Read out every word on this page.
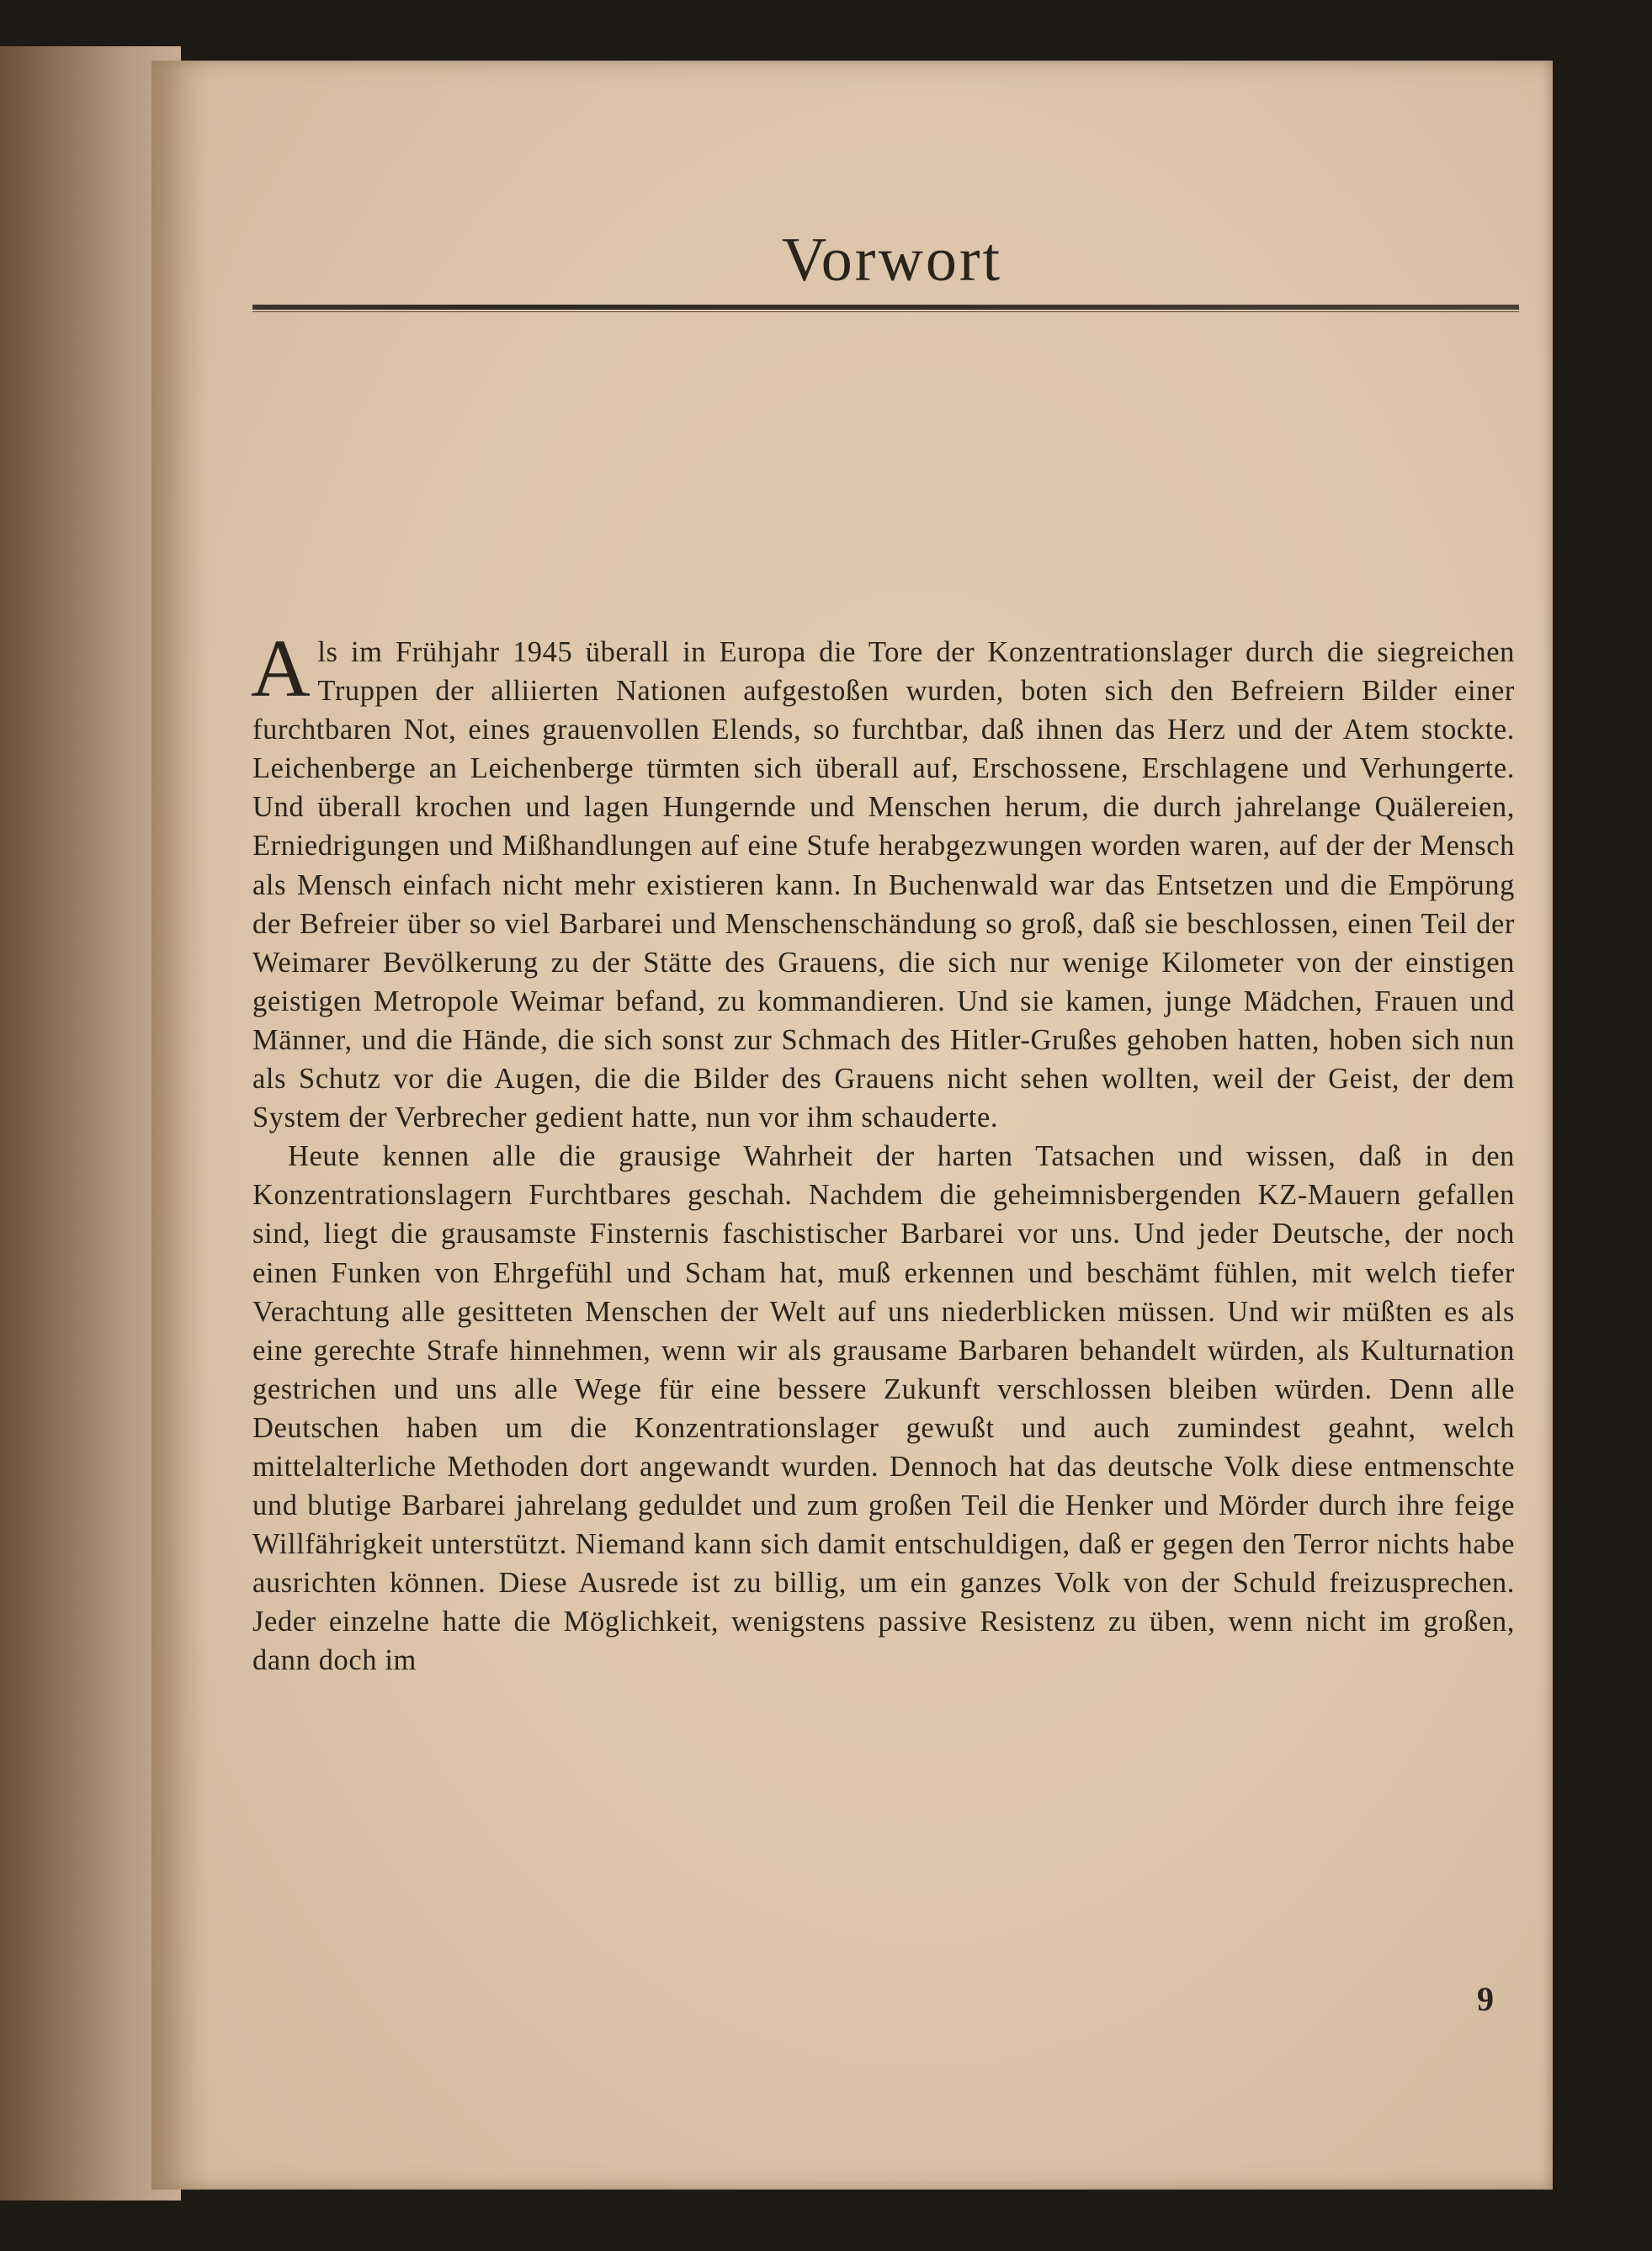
Vorwort

Als im Frühjahr 1945 überall in Europa die Tore der Konzentrationslager durch die siegreichen Truppen der alliierten Nationen aufgestoßen wurden, boten sich den Befreiern Bilder einer furchtbaren Not, eines grauenvollen Elends, so furchtbar, daß ihnen das Herz und der Atem stockte. Leichenberge an Leichenberge türmten sich überall auf, Erschossene, Erschlagene und Verhungerte. Und überall krochen und lagen Hungernde und Menschen herum, die durch jahrelange Quälereien, Erniedrigungen und Mißhandlungen auf eine Stufe herabgezwungen worden waren, auf der der Mensch als Mensch einfach nicht mehr existieren kann. In Buchenwald war das Entsetzen und die Empörung der Befreier über so viel Barbarei und Menschenschändung so groß, daß sie beschlossen, einen Teil der Weimarer Bevölkerung zu der Stätte des Grauens, die sich nur wenige Kilometer von der einstigen geistigen Metropole Weimar befand, zu kommandieren. Und sie kamen, junge Mädchen, Frauen und Männer, und die Hände, die sich sonst zur Schmach des Hitler-Grußes gehoben hatten, hoben sich nun als Schutz vor die Augen, die die Bilder des Grauens nicht sehen wollten, weil der Geist, der dem System der Verbrecher gedient hatte, nun vor ihm schauderte.

Heute kennen alle die grausige Wahrheit der harten Tatsachen und wissen, daß in den Konzentrationslagern Furchtbares geschah. Nachdem die geheimnisbergenden KZ-Mauern gefallen sind, liegt die grausamste Finsternis faschistischer Barbarei vor uns. Und jeder Deutsche, der noch einen Funken von Ehrgefühl und Scham hat, muß erkennen und beschämt fühlen, mit welch tiefer Verachtung alle gesitteten Menschen der Welt auf uns niederblicken müssen. Und wir müßten es als eine gerechte Strafe hinnehmen, wenn wir als grausame Barbaren behandelt würden, als Kulturnation gestrichen und uns alle Wege für eine bessere Zukunft verschlossen bleiben würden. Denn alle Deutschen haben um die Konzentrationslager gewußt und auch zumindest geahnt, welch mittelalterliche Methoden dort angewandt wurden. Dennoch hat das deutsche Volk diese entmenschte und blutige Barbarei jahrelang geduldet und zum großen Teil die Henker und Mörder durch ihre feige Willfährigkeit unterstützt. Niemand kann sich damit entschuldigen, daß er gegen den Terror nichts habe ausrichten können. Diese Ausrede ist zu billig, um ein ganzes Volk von der Schuld freizusprechen. Jeder einzelne hatte die Möglichkeit, wenigstens passive Resistenz zu üben, wenn nicht im großen, dann doch im

9
